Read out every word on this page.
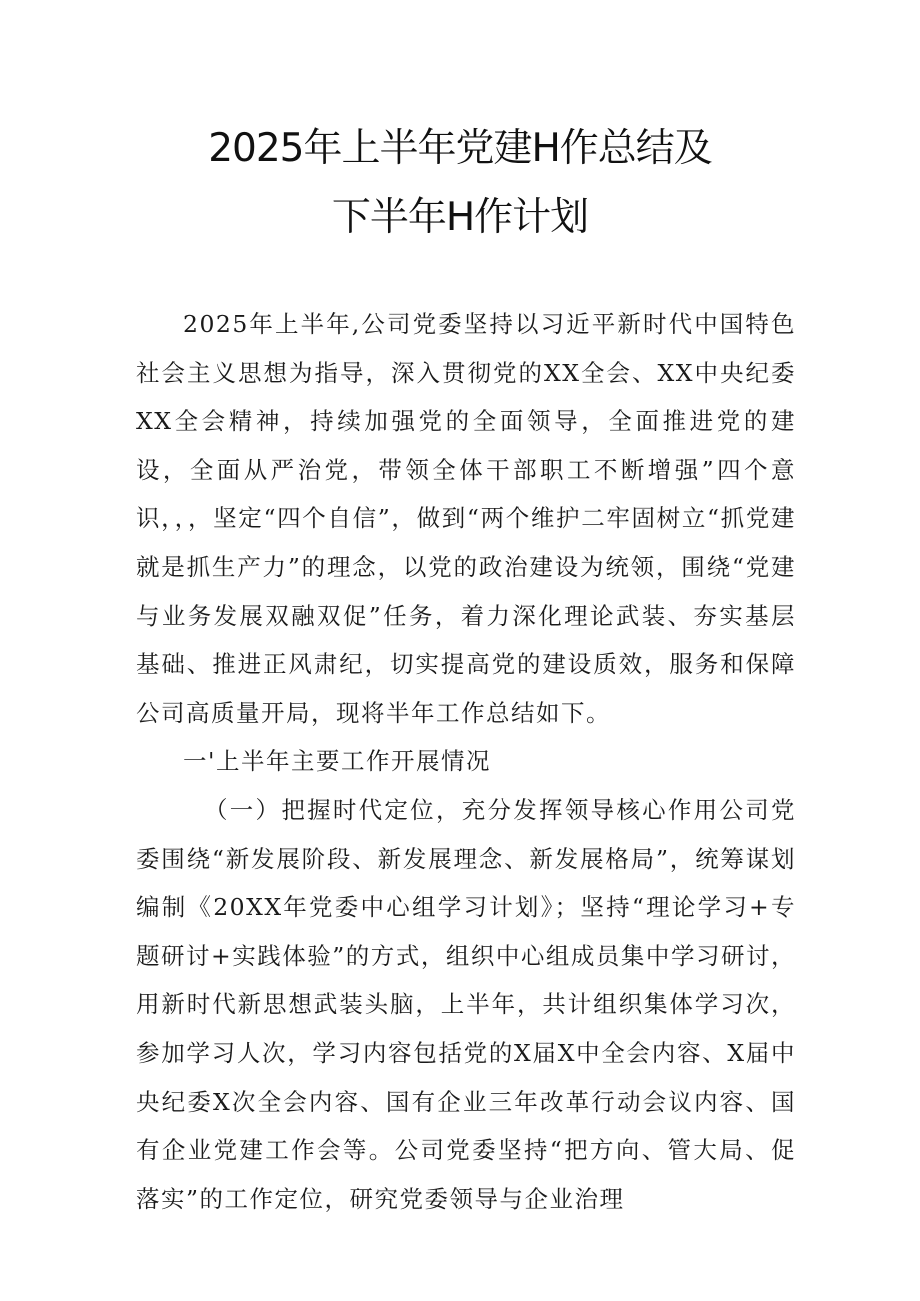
2025年上半年党建H作总结及
下半年H作计划

2025年上半年,公司党委坚持以习近平新时代中国特色社会主义思想为指导，深入贯彻党的XX全会、XX中央纪委XX全会精神，持续加强党的全面领导，全面推进党的建设，全面从严治党，带领全体干部职工不断增强”四个意识，，，坚定“四个自信”，做到“两个维护二牢固树立“抓党建就是抓生产力”的理念，以党的政治建设为统领，围绕“党建与业务发展双融双促”任务，着力深化理论武装、夯实基层基础、推进正风肃纪，切实提高党的建设质效，服务和保障公司高质量开局，现将半年工作总结如下。

一'上半年主要工作开展情况

（一）把握时代定位，充分发挥领导核心作用公司党委围绕“新发展阶段、新发展理念、新发展格局”，统筹谋划编制《20XX年党委中心组学习计划》；坚持“理论学习+专题研讨+实践体验”的方式，组织中心组成员集中学习研讨，用新时代新思想武装头脑，上半年，共计组织集体学习次，参加学习人次，学习内容包括党的X届X中全会内容、X届中央纪委X次全会内容、国有企业三年改革行动会议内容、国有企业党建工作会等。公司党委坚持“把方向、管大局、促落实”的工作定位，研究党委领导与企业治理
